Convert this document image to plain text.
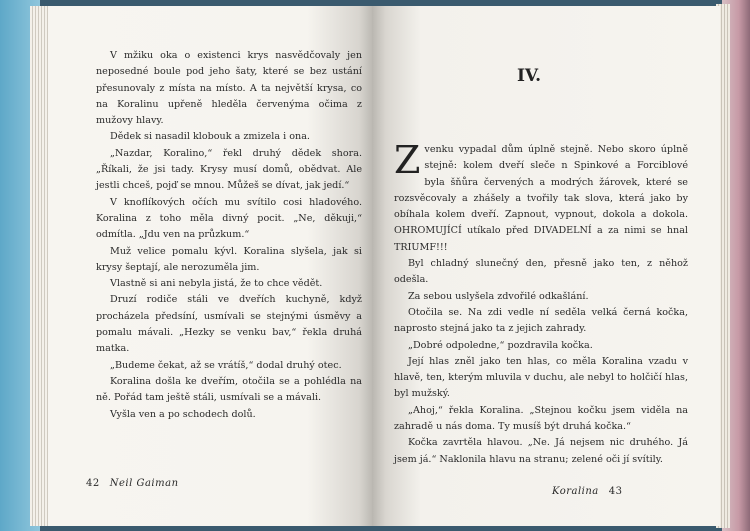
V mžiku oka o existenci krys nasvědčovaly jen neposedné boule pod jeho šaty, které se bez ustání přesunovaly z místa na místo. A ta největší krysa, co na Koralinu upřeně hleděla červenýma očima z mužovy hlavy.

Dědek si nasadil klobouk a zmizela i ona.

„Nazdar, Koralino,“ řekl druhý dědek shora. „Říkali, že jsi tady. Krysy musí domů, obědvat. Ale jestli chceš, pojď se mnou. Můžeš se dívat, jak jedí.“

V knoflíkových očích mu svítilo cosi hladového. Koralina z toho měla divný pocit. „Ne, děkuji,“ odmítla. „Jdu ven na průzkum.“

Muž velice pomalu kývl. Koralina slyšela, jak si krysy šeptají, ale nerozuměla jim.

Vlastně si ani nebyla jistá, že to chce vědět.

Druzí rodiče stáli ve dveřích kuchyně, když procházela předsíní, usmívali se stejnými úsměvy a pomalu mávali. „Hezky se venku bav,“ řekla druhá matka.

„Budeme čekat, až se vrátíš,“ dodal druhý otec.

Koralina došla ke dveřím, otočila se a pohlédla na ně. Pořád tam ještě stáli, usmívali se a mávali.

Vyšla ven a po schodech dolů.

42 Neil Gaiman
IV.

Zvenku vypadal dům úplně stejně. Nebo skoro úplně stejně: kolem dveří sleče n Spinkové a Forciblové byla šňůra červených a modrých žárovek, které se rozsvěcovaly a zhášely a tvořily tak slova, která jako by obíhala kolem dveří. Zapnout, vypnout, dokola a dokola. OHROMUJÍCÍ utíkalo před DIVADELNÍ a za nimi se hnal TRIUMF!!!

Byl chladný slunečný den, přesně jako ten, z něhož odešla.

Za sebou uslyšela zdvořilé odkašlání.

Otočila se. Na zdi vedle ní seděla velká černá kočka, naprosto stejná jako ta z jejich zahrady.

„Dobré odpoledne,“ pozdravila kočka.

Její hlas zněl jako ten hlas, co měla Koralina vzadu v hlavě, ten, kterým mluvila v duchu, ale nebyl to holčičí hlas, byl mužský.

„Ahoj,“ řekla Koralina. „Stejnou kočku jsem viděla na zahradě u nás doma. Ty musíš být druhá kočka.“

Kočka zavrtěla hlavou. „Ne. Já nejsem nic druhého. Já jsem já.“ Naklonila hlavu na stranu; zelené oči jí svítily.

Koralina 43
